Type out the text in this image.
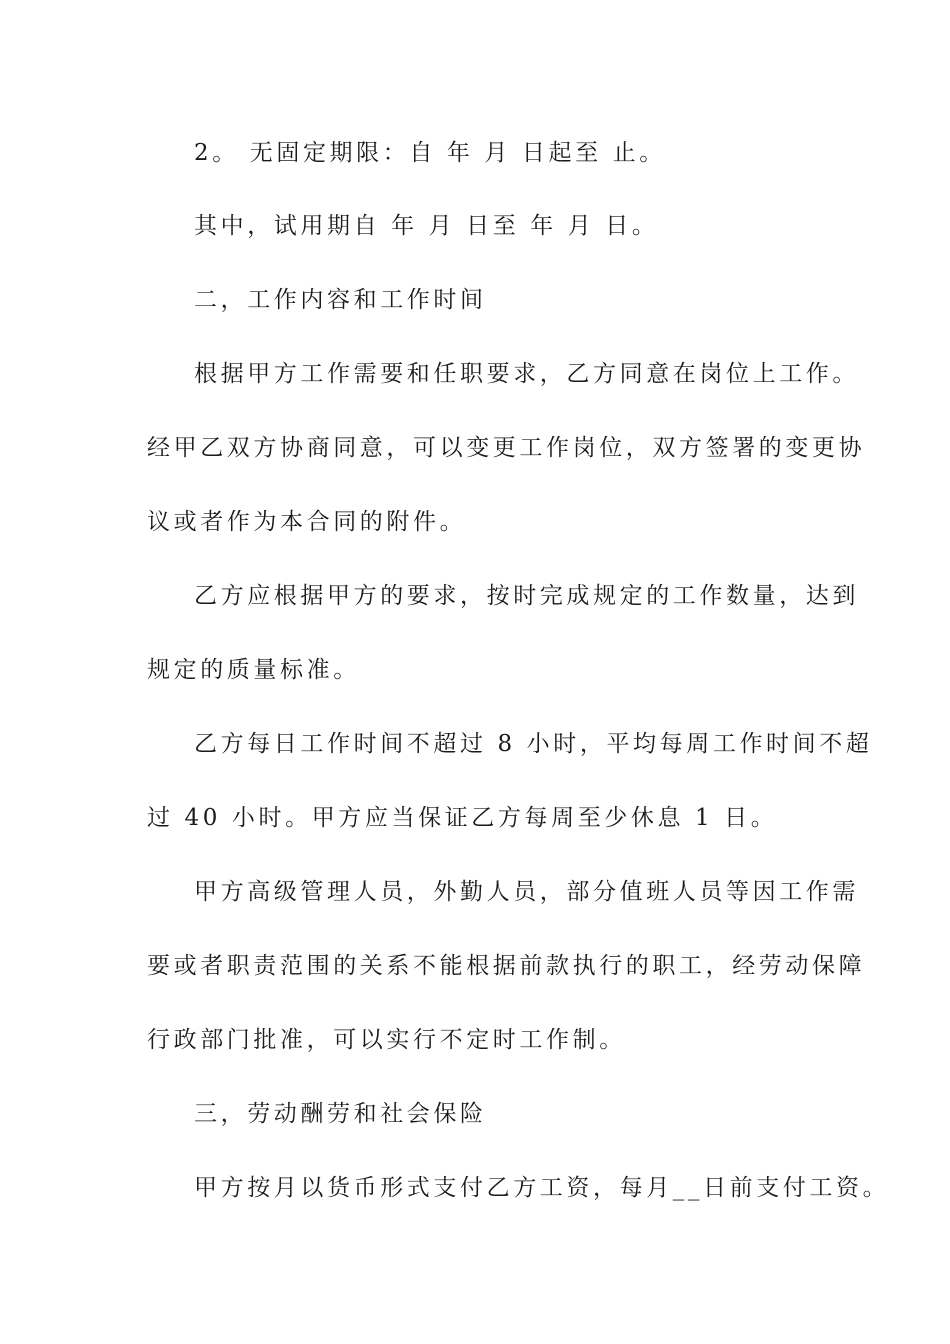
2。 无固定期限：自 年 月 日起至 止。
其中，试用期自 年 月 日至 年 月 日。
二，工作内容和工作时间
根据甲方工作需要和任职要求，乙方同意在岗位上工作。
经甲乙双方协商同意，可以变更工作岗位，双方签署的变更协
议或者作为本合同的附件。
乙方应根据甲方的要求，按时完成规定的工作数量，达到
规定的质量标准。
乙方每日工作时间不超过 8 小时，平均每周工作时间不超
过 40 小时。甲方应当保证乙方每周至少休息 1 日。
甲方高级管理人员，外勤人员，部分值班人员等因工作需
要或者职责范围的关系不能根据前款执行的职工，经劳动保障
行政部门批准，可以实行不定时工作制。
三，劳动酬劳和社会保险
甲方按月以货币形式支付乙方工资，每月__日前支付工资。
